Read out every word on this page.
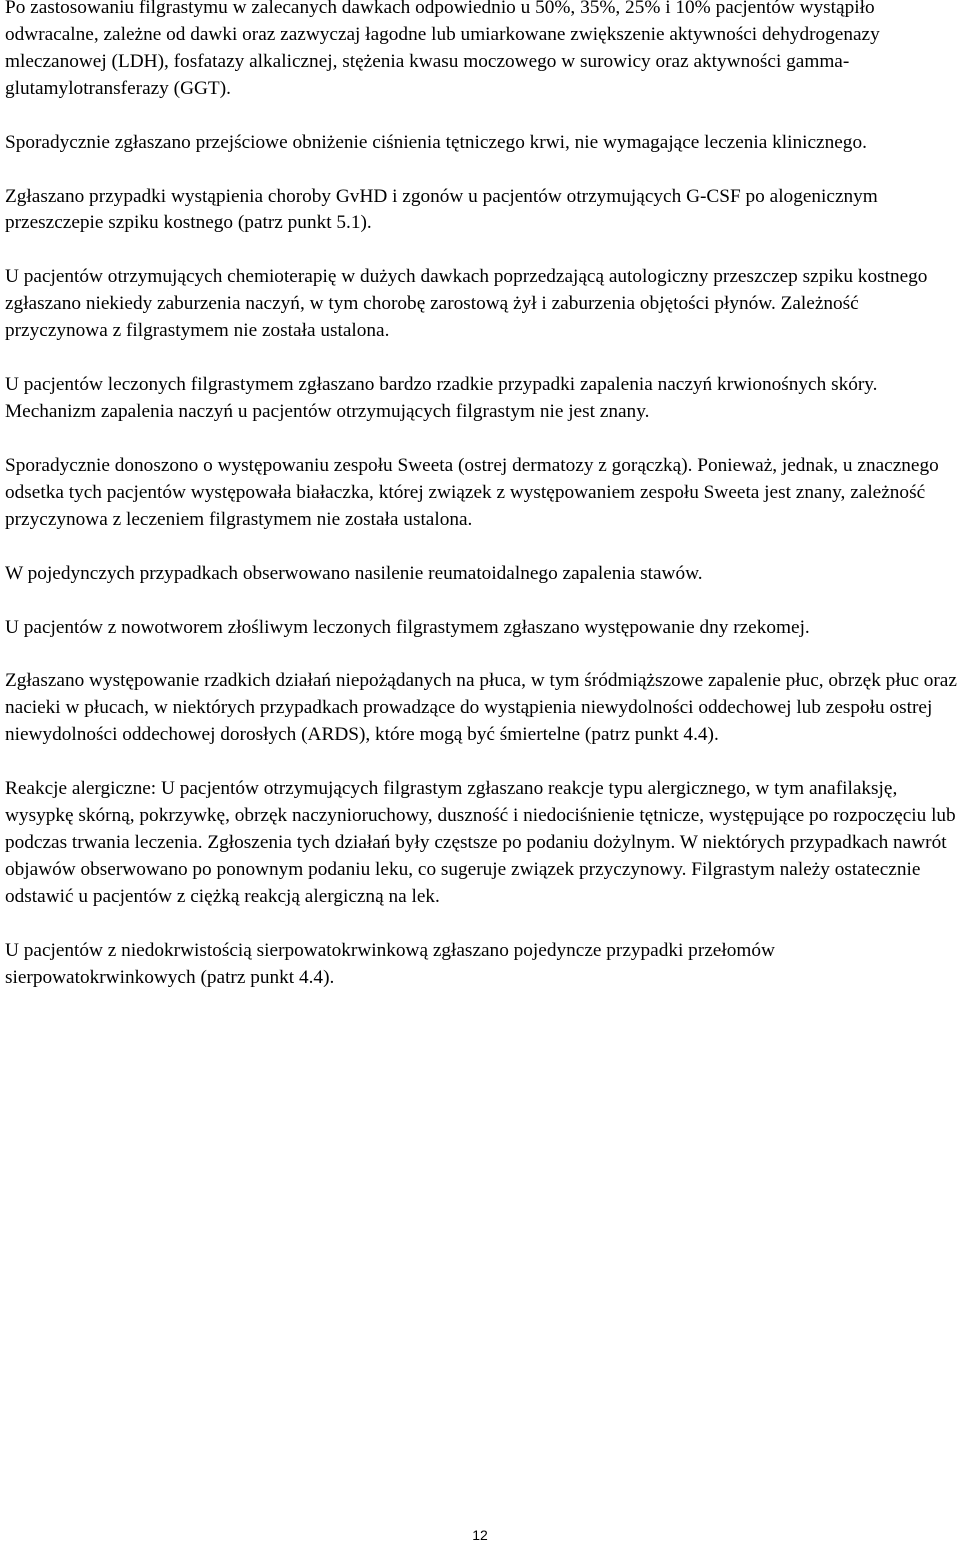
Po zastosowaniu filgrastymu w zalecanych dawkach odpowiednio u 50%, 35%, 25% i 10% pacjentów wystąpiło odwracalne, zależne od dawki oraz zazwyczaj łagodne lub umiarkowane zwiększenie aktywności dehydrogenazy mleczanowej (LDH), fosfatazy alkalicznej, stężenia kwasu moczowego w surowicy oraz aktywności gamma-glutamylotransferazy (GGT).

Sporadycznie zgłaszano przejściowe obniżenie ciśnienia tętniczego krwi, nie wymagające leczenia klinicznego.

Zgłaszano przypadki wystąpienia choroby GvHD i zgonów u pacjentów otrzymujących G-CSF po alogenicznym przeszczepie szpiku kostnego (patrz punkt 5.1).

U pacjentów otrzymujących chemioterapię w dużych dawkach poprzedzającą autologiczny przeszczep szpiku kostnego zgłaszano niekiedy zaburzenia naczyń, w tym chorobę zarostową żył i zaburzenia objętości płynów. Zależność przyczynowa z filgrastymem nie została ustalona.

U pacjentów leczonych filgrastymem zgłaszano bardzo rzadkie przypadki zapalenia naczyń krwionośnych skóry. Mechanizm zapalenia naczyń u pacjentów otrzymujących filgrastym nie jest znany.

Sporadycznie donoszono o występowaniu zespołu Sweeta (ostrej dermatozy z gorączką). Ponieważ, jednak, u znacznego odsetka tych pacjentów występowała białaczka, której związek z występowaniem zespołu Sweeta jest znany, zależność przyczynowa z leczeniem filgrastymem nie została ustalona.

W pojedynczych przypadkach obserwowano nasilenie reumatoidalnego zapalenia stawów.

U pacjentów z nowotworem złośliwym leczonych filgrastymem zgłaszano występowanie dny rzekomej.

Zgłaszano występowanie rzadkich działań niepożądanych na płuca, w tym śródmiąższowe zapalenie płuc, obrzęk płuc oraz nacieki w płucach, w niektórych przypadkach prowadzące do wystąpienia niewydolności oddechowej lub zespołu ostrej niewydolności oddechowej dorosłych (ARDS), które mogą być śmiertelne (patrz punkt 4.4).

Reakcje alergiczne: U pacjentów otrzymujących filgrastym zgłaszano reakcje typu alergicznego, w tym anafilaksję, wysypkę skórną, pokrzywkę, obrzęk naczynioruchowy, duszność i niedociśnienie tętnicze, występujące po rozpoczęciu lub podczas trwania leczenia. Zgłoszenia tych działań były częstsze po podaniu dożylnym. W niektórych przypadkach nawrót objawów obserwowano po ponownym podaniu leku, co sugeruje związek przyczynowy. Filgrastym należy ostatecznie odstawić u pacjentów z ciężką reakcją alergiczną na lek.

U pacjentów z niedokrwistością sierpowatokrwinkową zgłaszano pojedyncze przypadki przełomów sierpowatokrwinkowych (patrz punkt 4.4).

12
